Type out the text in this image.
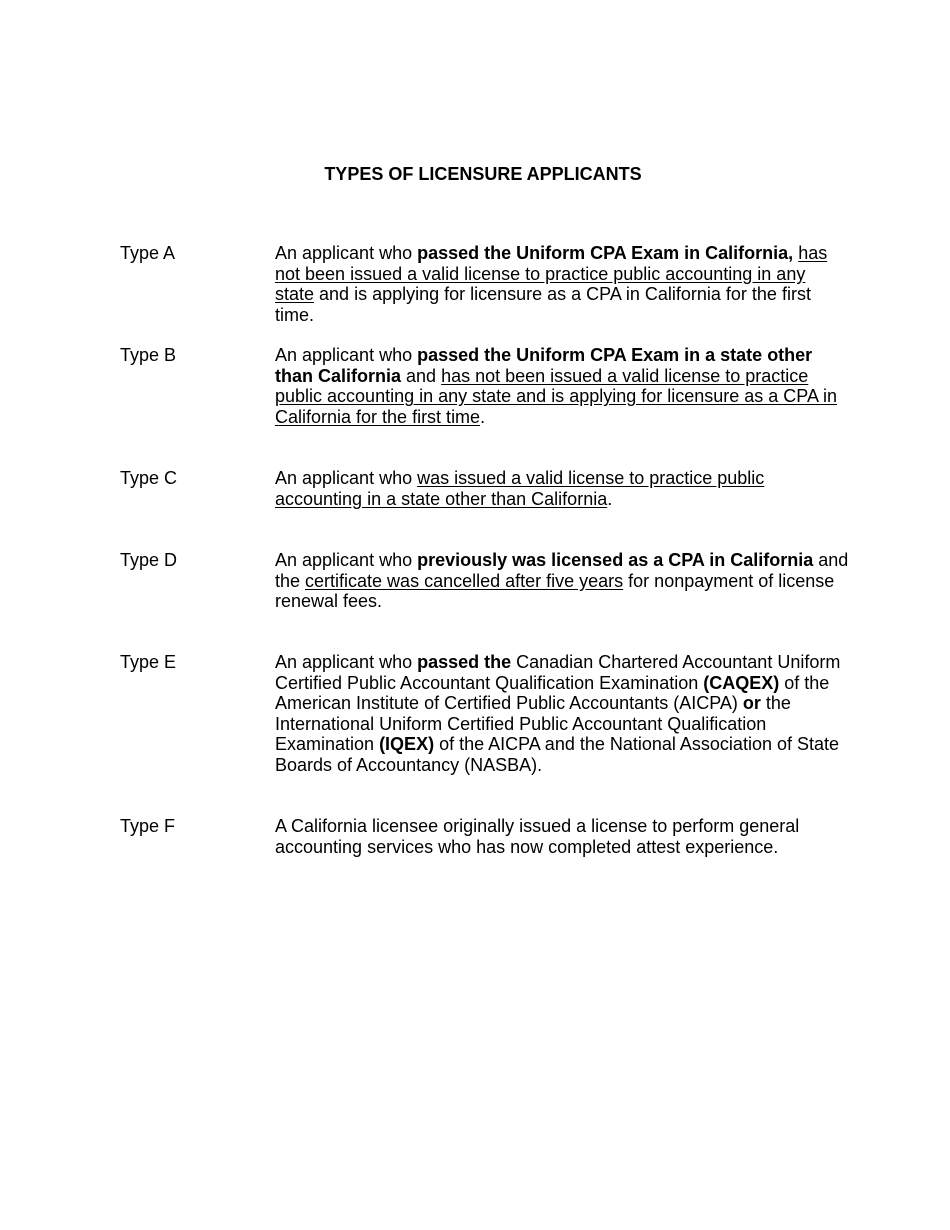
TYPES OF LICENSURE APPLICANTS

Type A	An applicant who passed the Uniform CPA Exam in California, has not been issued a valid license to practice public accounting in any state and is applying for licensure as a CPA in California for the first time.

Type B	An applicant who passed the Uniform CPA Exam in a state other than California and has not been issued a valid license to practice public accounting in any state and is applying for licensure as a CPA in California for the first time.

Type C	An applicant who was issued a valid license to practice public accounting in a state other than California.

Type D	An applicant who previously was licensed as a CPA in California and the certificate was cancelled after five years for nonpayment of license renewal fees.

Type E	An applicant who passed the Canadian Chartered Accountant Uniform Certified Public Accountant Qualification Examination (CAQEX) of the American Institute of Certified Public Accountants (AICPA) or the International Uniform Certified Public Accountant Qualification Examination (IQEX) of the AICPA and the National Association of State Boards of Accountancy (NASBA).

Type F	A California licensee originally issued a license to perform general accounting services who has now completed attest experience.
